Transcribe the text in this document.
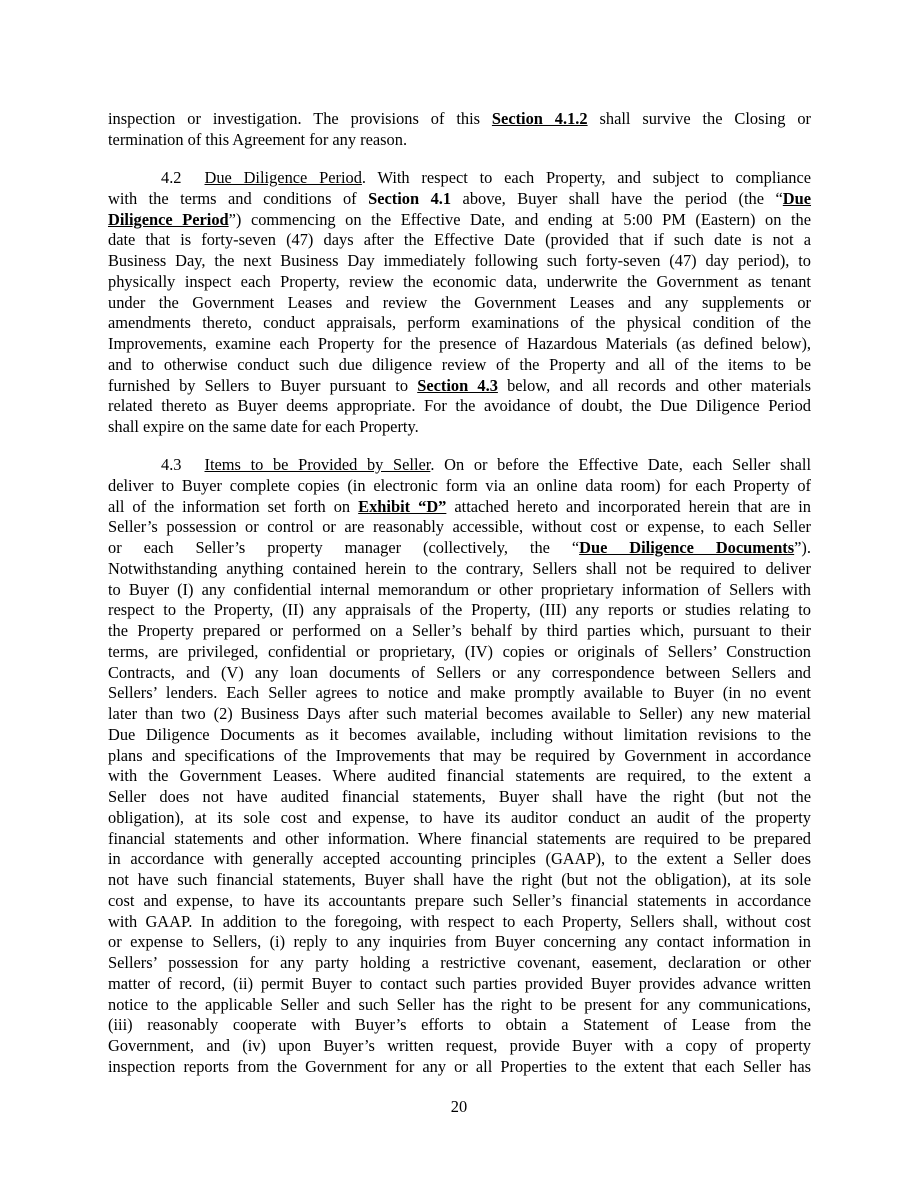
inspection or investigation. The provisions of this Section 4.1.2 shall survive the Closing or
termination of this Agreement for any reason.
4.2 Due Diligence Period. With respect to each Property, and subject to compliance
with the terms and conditions of Section 4.1 above, Buyer shall have the period (the “Due
Diligence Period”) commencing on the Effective Date, and ending at 5:00 PM (Eastern) on the
date that is forty-seven (47) days after the Effective Date (provided that if such date is not a
Business Day, the next Business Day immediately following such forty-seven (47) day period), to
physically inspect each Property, review the economic data, underwrite the Government as tenant
under the Government Leases and review the Government Leases and any supplements or
amendments thereto, conduct appraisals, perform examinations of the physical condition of the
Improvements, examine each Property for the presence of Hazardous Materials (as defined below),
and to otherwise conduct such due diligence review of the Property and all of the items to be
furnished by Sellers to Buyer pursuant to Section 4.3 below, and all records and other materials
related thereto as Buyer deems appropriate. For the avoidance of doubt, the Due Diligence Period
shall expire on the same date for each Property.
4.3 Items to be Provided by Seller. On or before the Effective Date, each Seller shall
deliver to Buyer complete copies (in electronic form via an online data room) for each Property of
all of the information set forth on Exhibit “D” attached hereto and incorporated herein that are in
Seller’s possession or control or are reasonably accessible, without cost or expense, to each Seller
or each Seller’s property manager (collectively, the “Due Diligence Documents”).
Notwithstanding anything contained herein to the contrary, Sellers shall not be required to deliver
to Buyer (I) any confidential internal memorandum or other proprietary information of Sellers with
respect to the Property, (II) any appraisals of the Property, (III) any reports or studies relating to
the Property prepared or performed on a Seller’s behalf by third parties which, pursuant to their
terms, are privileged, confidential or proprietary, (IV) copies or originals of Sellers’ Construction
Contracts, and (V) any loan documents of Sellers or any correspondence between Sellers and
Sellers’ lenders. Each Seller agrees to notice and make promptly available to Buyer (in no event
later than two (2) Business Days after such material becomes available to Seller) any new material
Due Diligence Documents as it becomes available, including without limitation revisions to the
plans and specifications of the Improvements that may be required by Government in accordance
with the Government Leases. Where audited financial statements are required, to the extent a
Seller does not have audited financial statements, Buyer shall have the right (but not the
obligation), at its sole cost and expense, to have its auditor conduct an audit of the property
financial statements and other information. Where financial statements are required to be prepared
in accordance with generally accepted accounting principles (GAAP), to the extent a Seller does
not have such financial statements, Buyer shall have the right (but not the obligation), at its sole
cost and expense, to have its accountants prepare such Seller’s financial statements in accordance
with GAAP. In addition to the foregoing, with respect to each Property, Sellers shall, without cost
or expense to Sellers, (i) reply to any inquiries from Buyer concerning any contact information in
Sellers’ possession for any party holding a restrictive covenant, easement, declaration or other
matter of record, (ii) permit Buyer to contact such parties provided Buyer provides advance written
notice to the applicable Seller and such Seller has the right to be present for any communications,
(iii) reasonably cooperate with Buyer’s efforts to obtain a Statement of Lease from the
Government, and (iv) upon Buyer’s written request, provide Buyer with a copy of property
inspection reports from the Government for any or all Properties to the extent that each Seller has
20
